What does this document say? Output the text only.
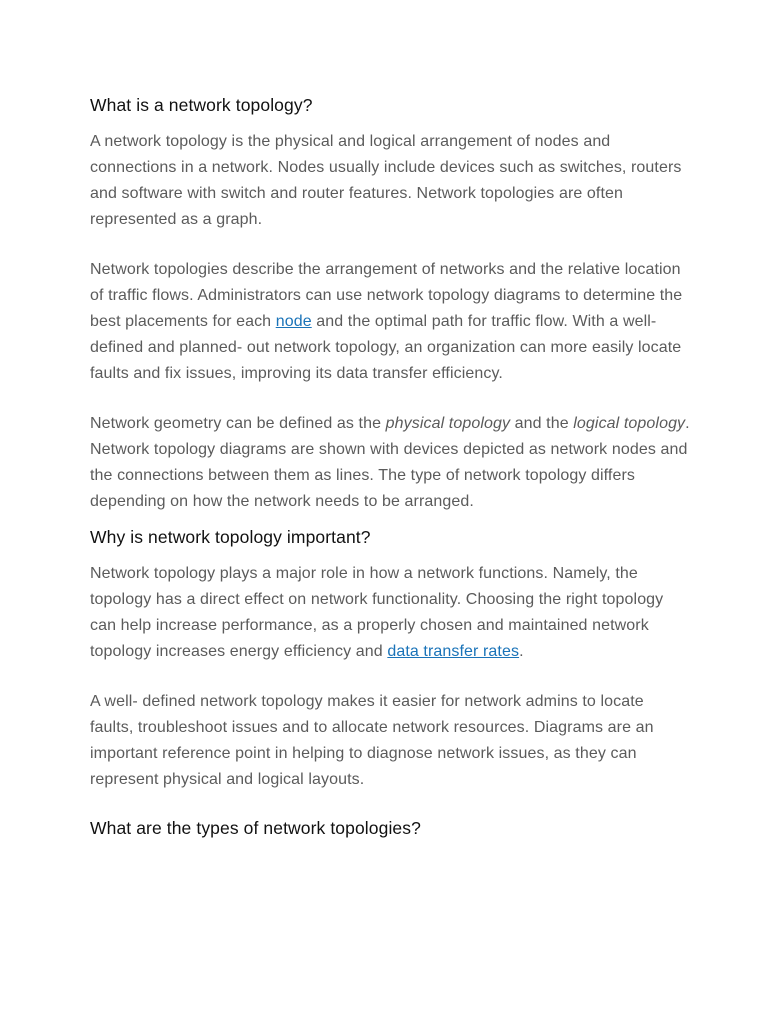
What is a network topology?

A network topology is the physical and logical arrangement of nodes and connections in a network. Nodes usually include devices such as switches, routers and software with switch and router features. Network topologies are often represented as a graph.

Network topologies describe the arrangement of networks and the relative location of traffic flows. Administrators can use network topology diagrams to determine the best placements for each node and the optimal path for traffic flow. With a well- defined and planned- out network topology, an organization can more easily locate faults and fix issues, improving its data transfer efficiency.

Network geometry can be defined as the physical topology and the logical topology. Network topology diagrams are shown with devices depicted as network nodes and the connections between them as lines. The type of network topology differs depending on how the network needs to be arranged.

Why is network topology important?

Network topology plays a major role in how a network functions. Namely, the topology has a direct effect on network functionality. Choosing the right topology can help increase performance, as a properly chosen and maintained network topology increases energy efficiency and data transfer rates.

A well- defined network topology makes it easier for network admins to locate faults, troubleshoot issues and to allocate network resources. Diagrams are an important reference point in helping to diagnose network issues, as they can represent physical and logical layouts.

What are the types of network topologies?
